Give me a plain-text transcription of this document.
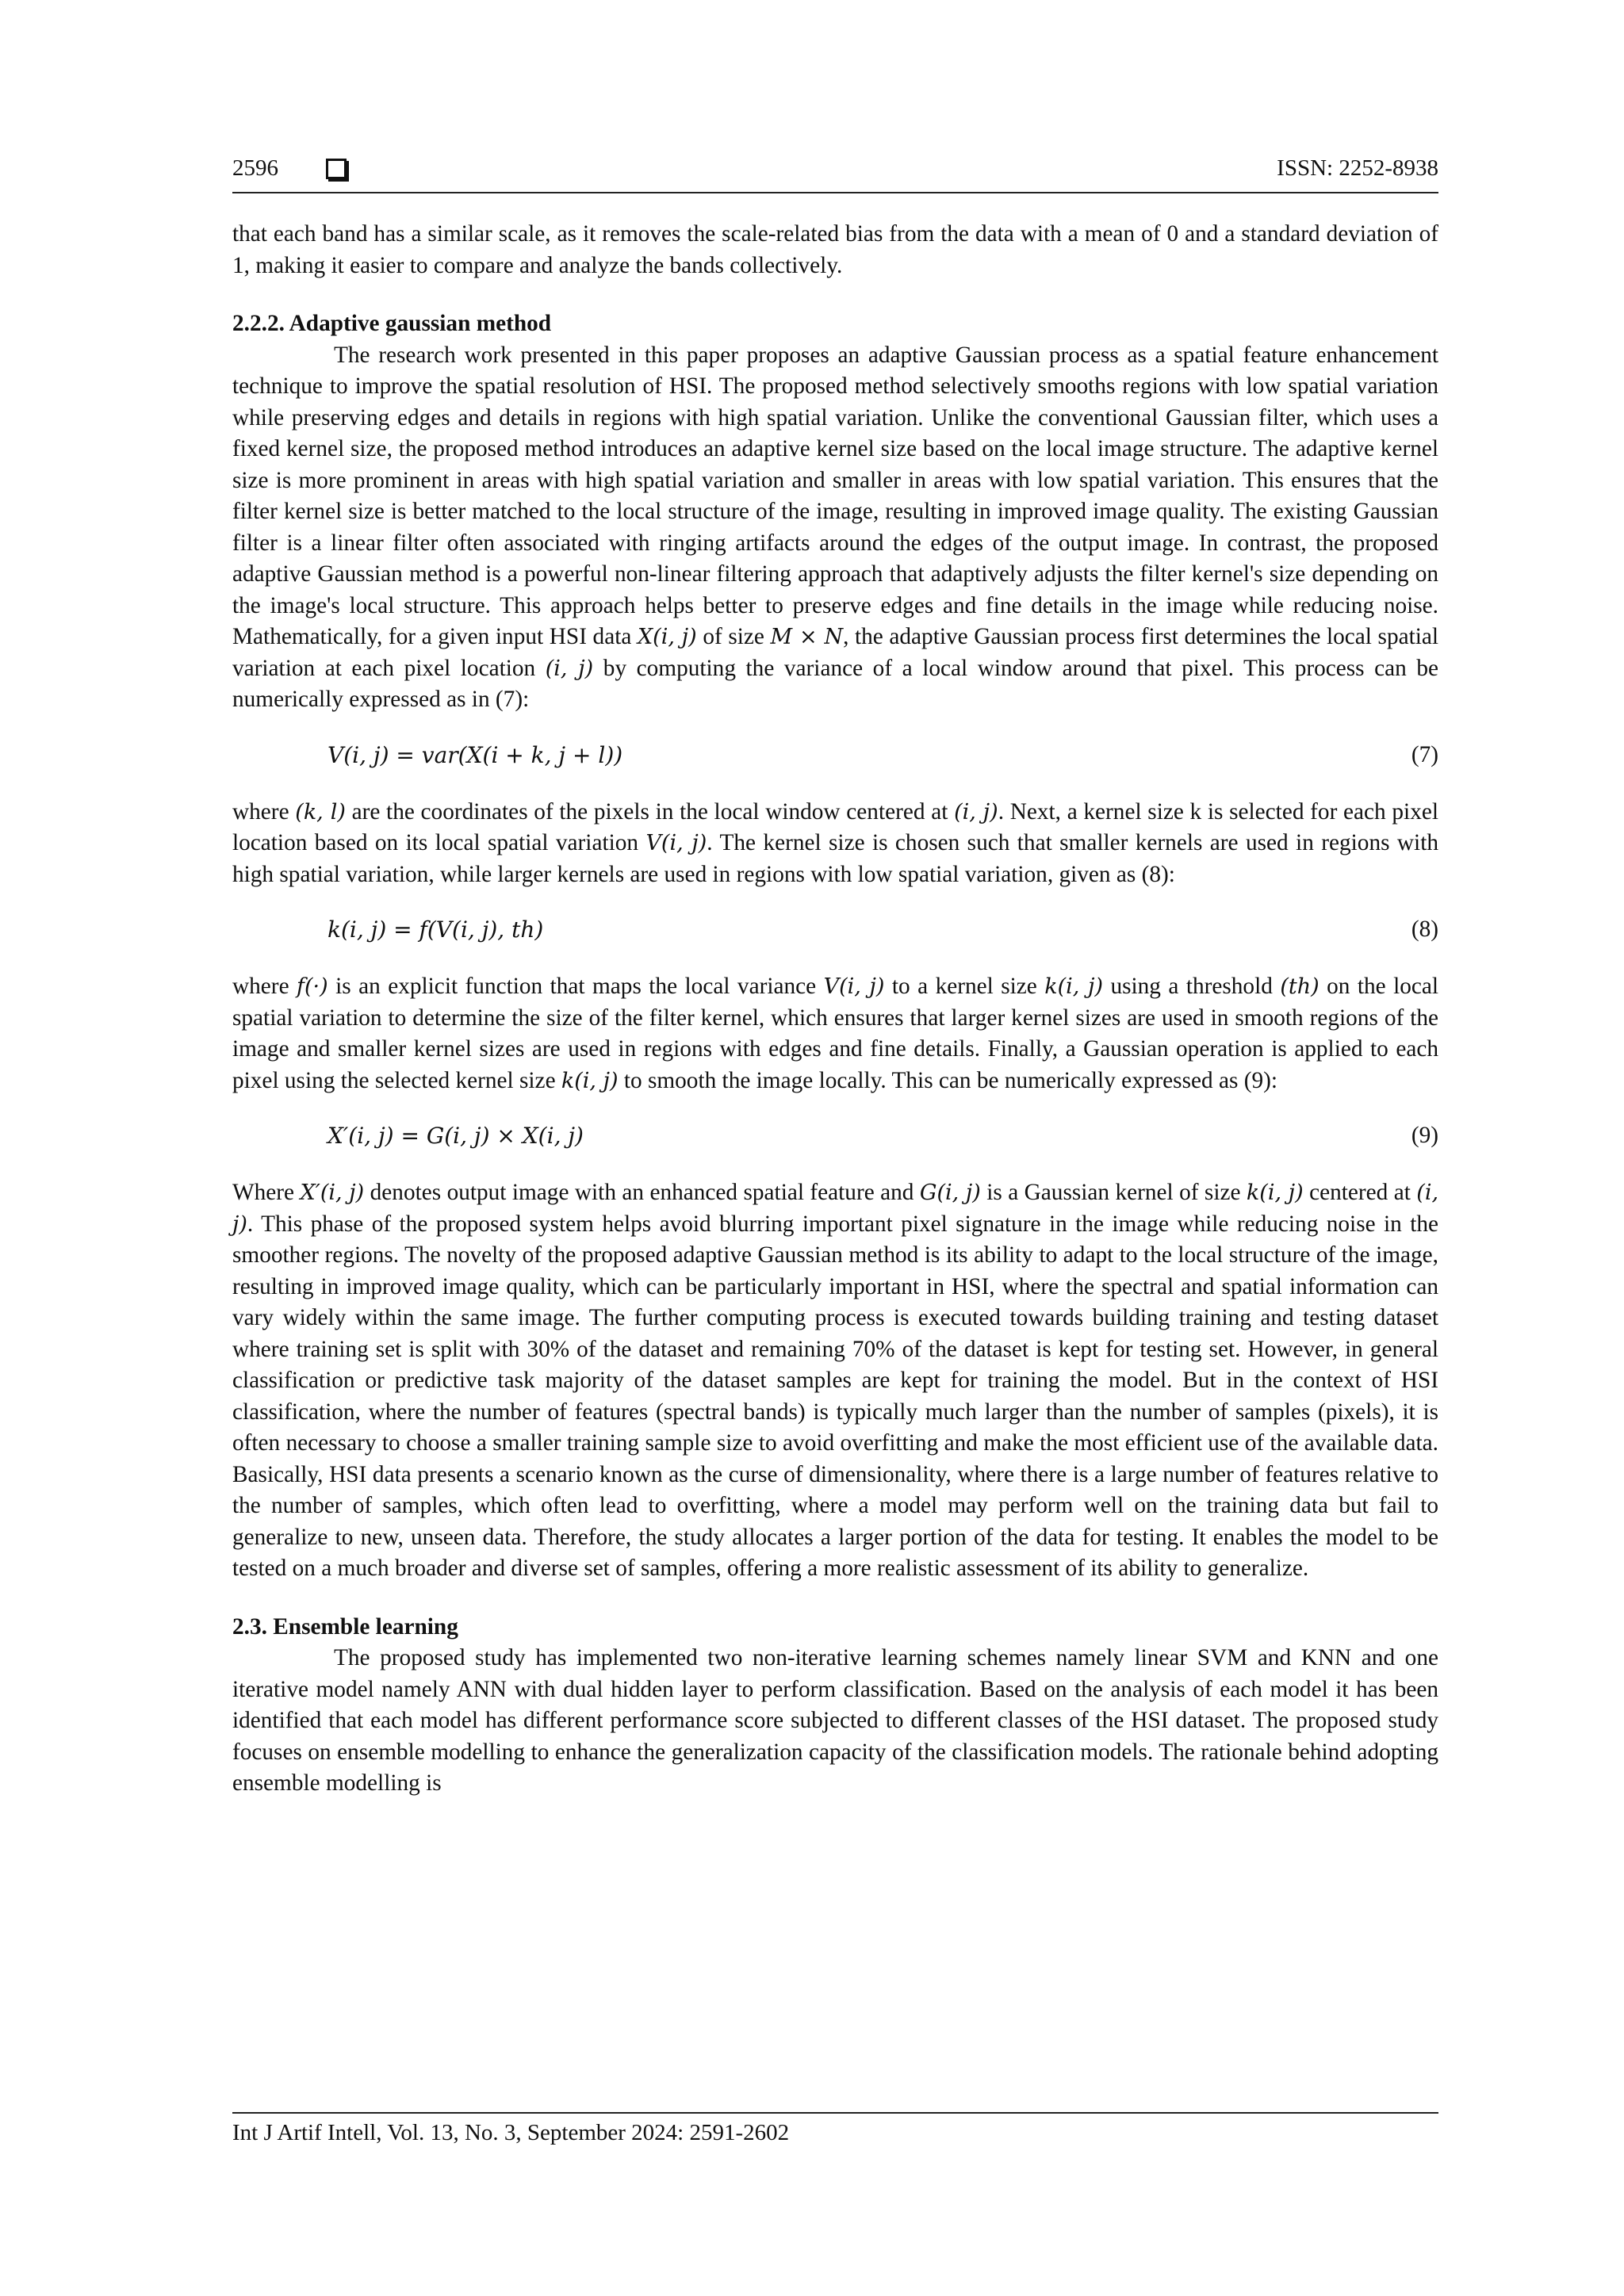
2596	ISSN: 2252-8938

that each band has a similar scale, as it removes the scale-related bias from the data with a mean of 0 and a standard deviation of 1, making it easier to compare and analyze the bands collectively.

2.2.2. Adaptive gaussian method

The research work presented in this paper proposes an adaptive Gaussian process as a spatial feature enhancement technique to improve the spatial resolution of HSI. The proposed method selectively smooths regions with low spatial variation while preserving edges and details in regions with high spatial variation. Unlike the conventional Gaussian filter, which uses a fixed kernel size, the proposed method introduces an adaptive kernel size based on the local image structure. The adaptive kernel size is more prominent in areas with high spatial variation and smaller in areas with low spatial variation. This ensures that the filter kernel size is better matched to the local structure of the image, resulting in improved image quality. The existing Gaussian filter is a linear filter often associated with ringing artifacts around the edges of the output image. In contrast, the proposed adaptive Gaussian method is a powerful non-linear filtering approach that adaptively adjusts the filter kernel's size depending on the image's local structure. This approach helps better to preserve edges and fine details in the image while reducing noise. Mathematically, for a given input HSI data X(i, j) of size M × N, the adaptive Gaussian process first determines the local spatial variation at each pixel location (i, j) by computing the variance of a local window around that pixel. This process can be numerically expressed as in (7):

V(i, j) = var(X(i + k, j + l))	(7)

where (k, l) are the coordinates of the pixels in the local window centered at (i, j). Next, a kernel size k is selected for each pixel location based on its local spatial variation V(i, j). The kernel size is chosen such that smaller kernels are used in regions with high spatial variation, while larger kernels are used in regions with low spatial variation, given as (8):

k(i, j) = f(V(i, j), th)	(8)

where f(·) is an explicit function that maps the local variance V(i, j) to a kernel size k(i, j) using a threshold (th) on the local spatial variation to determine the size of the filter kernel, which ensures that larger kernel sizes are used in smooth regions of the image and smaller kernel sizes are used in regions with edges and fine details. Finally, a Gaussian operation is applied to each pixel using the selected kernel size k(i, j) to smooth the image locally. This can be numerically expressed as (9):

X′(i, j) = G(i, j) × X(i, j)	(9)

Where X′(i, j) denotes output image with an enhanced spatial feature and G(i, j) is a Gaussian kernel of size k(i, j) centered at (i, j). This phase of the proposed system helps avoid blurring important pixel signature in the image while reducing noise in the smoother regions. The novelty of the proposed adaptive Gaussian method is its ability to adapt to the local structure of the image, resulting in improved image quality, which can be particularly important in HSI, where the spectral and spatial information can vary widely within the same image. The further computing process is executed towards building training and testing dataset where training set is split with 30% of the dataset and remaining 70% of the dataset is kept for testing set. However, in general classification or predictive task majority of the dataset samples are kept for training the model. But in the context of HSI classification, where the number of features (spectral bands) is typically much larger than the number of samples (pixels), it is often necessary to choose a smaller training sample size to avoid overfitting and make the most efficient use of the available data. Basically, HSI data presents a scenario known as the curse of dimensionality, where there is a large number of features relative to the number of samples, which often lead to overfitting, where a model may perform well on the training data but fail to generalize to new, unseen data. Therefore, the study allocates a larger portion of the data for testing. It enables the model to be tested on a much broader and diverse set of samples, offering a more realistic assessment of its ability to generalize.

2.3. Ensemble learning

The proposed study has implemented two non-iterative learning schemes namely linear SVM and KNN and one iterative model namely ANN with dual hidden layer to perform classification. Based on the analysis of each model it has been identified that each model has different performance score subjected to different classes of the HSI dataset. The proposed study focuses on ensemble modelling to enhance the generalization capacity of the classification models. The rationale behind adopting ensemble modelling is

Int J Artif Intell, Vol. 13, No. 3, September 2024: 2591-2602
